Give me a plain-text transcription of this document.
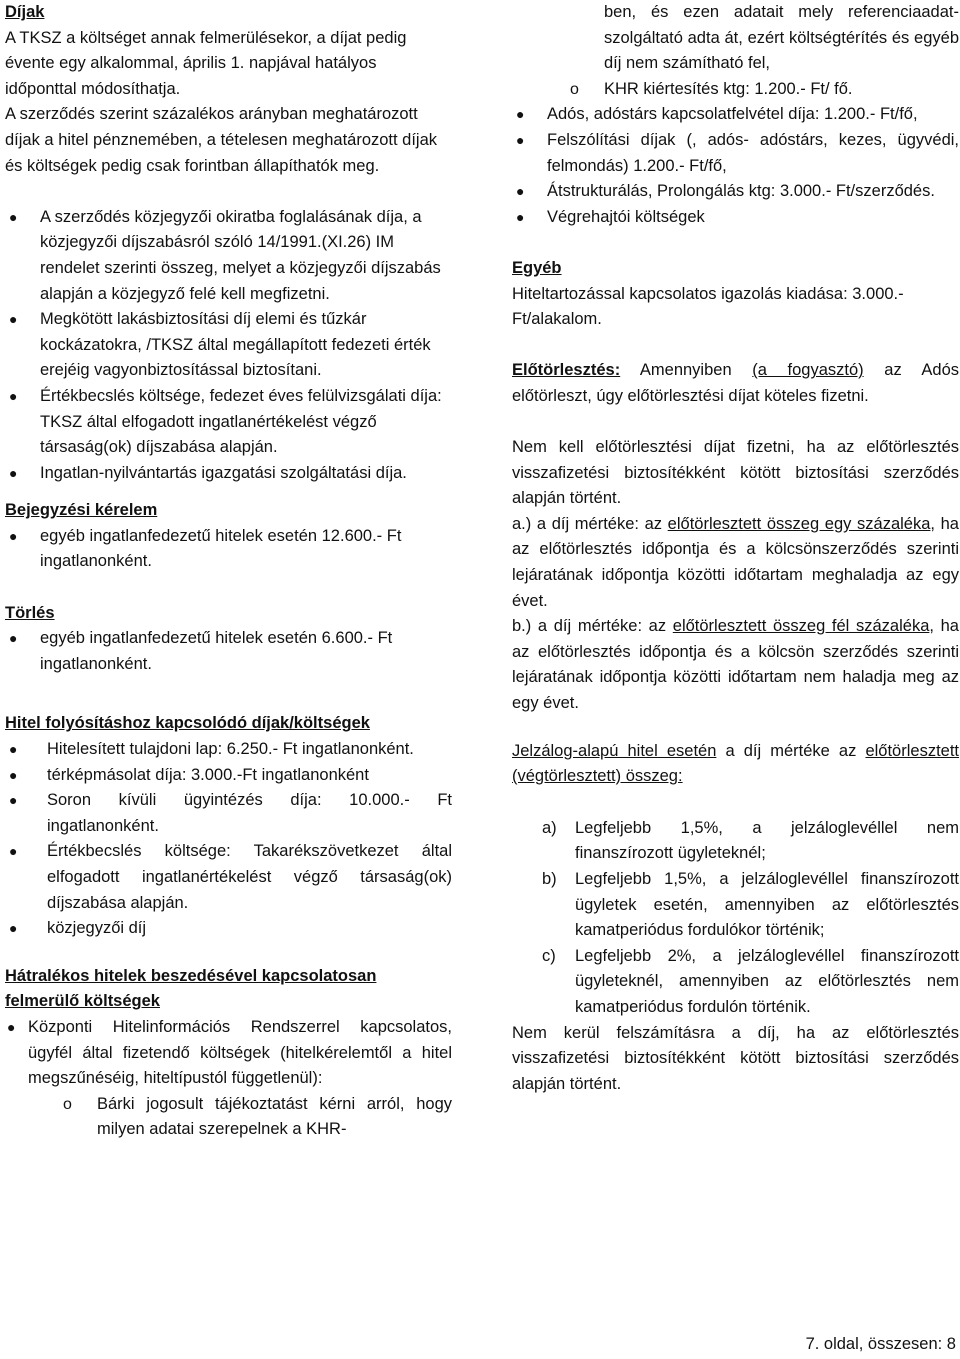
Díjak

A TKSZ a költséget annak felmerülésekor, a díjat pedig évente egy alkalommal, április 1. napjával hatályos időponttal módosíthatja.

A szerződés szerint százalékos arányban meghatározott díjak a hitel pénznemében, a tételesen meghatározott díjak és költségek pedig csak forintban állapíthatók meg.

●	A szerződés közjegyzői okiratba foglalásának díja, a közjegyzői díjszabásról szóló 14/1991.(XI.26) IM rendelet szerinti összeg, melyet a közjegyzői díjszabás alapján a közjegyző felé kell megfizetni.
●	Megkötött lakásbiztosítási díj elemi és tűzkár kockázatokra, /TKSZ által megállapított fedezeti érték erejéig vagyonbiztosítással biztosítani.
●	Értékbecslés költsége, fedezet éves felülvizsgálati díja: TKSZ által elfogadott ingatlanértékelést végző társaság(ok) díjszabása alapján.
●	Ingatlan-nyilvántartás igazgatási szolgáltatási díja.
Bejegyzési kérelem
●	egyéb ingatlanfedezetű hitelek esetén 12.600.- Ft ingatlanonként.
Törlés
●	egyéb ingatlanfedezetű hitelek esetén 6.600.- Ft ingatlanonként.
Hitel folyósításhoz kapcsolódó díjak/költségek
●	Hitelesített tulajdoni lap: 6.250.- Ft ingatlanonként.
●	térképmásolat díja: 3.000.-Ft ingatlanonként
●	Soron kívüli ügyintézés díja: 10.000.- Ft ingatlanonként.
●	Értékbecslés költsége: Takarékszövetkezet által elfogadott ingatlanértékelést végző társaság(ok) díjszabása alapján.
●	közjegyzői díj
Hátralékos hitelek beszedésével kapcsolatosan felmerülő költségek
● Központi Hitelinformációs Rendszerrel kapcsolatos, ügyfél által fizetendő költségek (hitelkérelemtől a hitel megszűnéséig, hiteltípustól függetlenül):
o	Bárki jogosult tájékoztatást kérni arról, hogy milyen adatai szerepelnek a KHR-

ben, és ezen adatait mely referenciaadat-szolgáltató adta át, ezért költségtérítés és egyéb díj nem számítható fel,

o	KHR kiértesítés ktg: 1.200.- Ft/ fő.
●	Adós, adóstárs kapcsolatfelvétel díja: 1.200.- Ft/fő,
●	Felszólítási díjak (, adós- adóstárs, kezes, ügyvédi, felmondás) 1.200.- Ft/fő,
●	Átstrukturálás, Prolongálás ktg: 3.000.- Ft/szerződés.
●	Végrehajtói költségek
Egyéb

Hiteltartozással kapcsolatos igazolás kiadása: 3.000.- Ft/alakalom.

Előtörlesztés: Amennyiben (a fogyasztó) az Adós előtörleszt, úgy előtörlesztési díjat köteles fizetni.

Nem kell előtörlesztési díjat fizetni, ha az előtörlesztés visszafizetési biztosítékként kötött biztosítási szerződés alapján történt.

a.) a díj mértéke: az előtörlesztett összeg egy százaléka, ha az előtörlesztés időpontja és a kölcsönszerződés szerinti lejáratának időpontja közötti időtartam meghaladja az egy évet.

b.) a díj mértéke: az előtörlesztett összeg fél százaléka, ha az előtörlesztés időpontja és a kölcsön szerződés szerinti lejáratának időpontja közötti időtartam nem haladja meg az egy évet.

Jelzálog-alapú hitel esetén a díj mértéke az előtörlesztett (végtörlesztett) összeg:

a)	Legfeljebb 1,5%, a jelzáloglevéllel nem finanszírozott ügyleteknél;
b)	Legfeljebb 1,5%, a jelzáloglevéllel finanszírozott ügyletek esetén, amennyiben az előtörlesztés kamatperiódus fordulókor történik;
c)	Legfeljebb 2%, a jelzáloglevéllel finanszírozott ügyleteknél, amennyiben az előtörlesztés nem kamatperiódus fordulón történik.

Nem kerül felszámításra a díj, ha az előtörlesztés visszafizetési biztosítékként kötött biztosítási szerződés alapján történt.

7. oldal, összesen: 8
